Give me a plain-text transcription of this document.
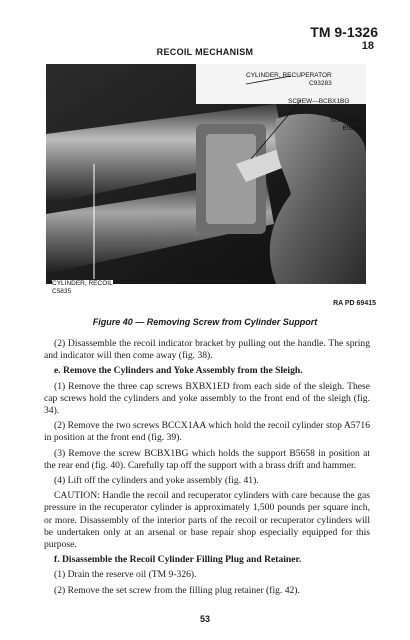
TM 9-1326
18
RECOIL MECHANISM
CYLINDER, RECUPERATOR
C93283
SCREW—BCBX1BG
SUPPORT
B5658
CYLINDER, RECOIL
C5835
RA PD 69415
Figure 40 — Removing Screw from Cylinder Support

(2) Disassemble the recoil indicator bracket by pulling out the handle. The spring and indicator will then come away (fig. 38).

e. Remove the Cylinders and Yoke Assembly from the Sleigh.

(1) Remove the three cap screws BXBX1ED from each side of the sleigh. These cap screws hold the cylinders and yoke assembly to the front end of the sleigh (fig. 34).

(2) Remove the two screws BCCX1AA which hold the recoil cylinder stop A5716 in position at the front end (fig. 39).

(3) Remove the screw BCBX1BG which holds the support B5658 in position at the rear end (fig. 40). Carefully tap off the support with a brass drift and hammer.

(4) Lift off the cylinders and yoke assembly (fig. 41).

CAUTION: Handle the recoil and recuperator cylinders with care because the gas pressure in the recuperator cylinder is approximately 1,500 pounds per square inch, or more. Disassembly of the interior parts of the recoil or recuperator cylinders will be undertaken only at an arsenal or base repair shop especially equipped for this purpose.

f. Disassemble the Recoil Cylinder Filling Plug and Retainer.

(1) Drain the reserve oil (TM 9-326).

(2) Remove the set screw from the filling plug retainer (fig. 42).

53
